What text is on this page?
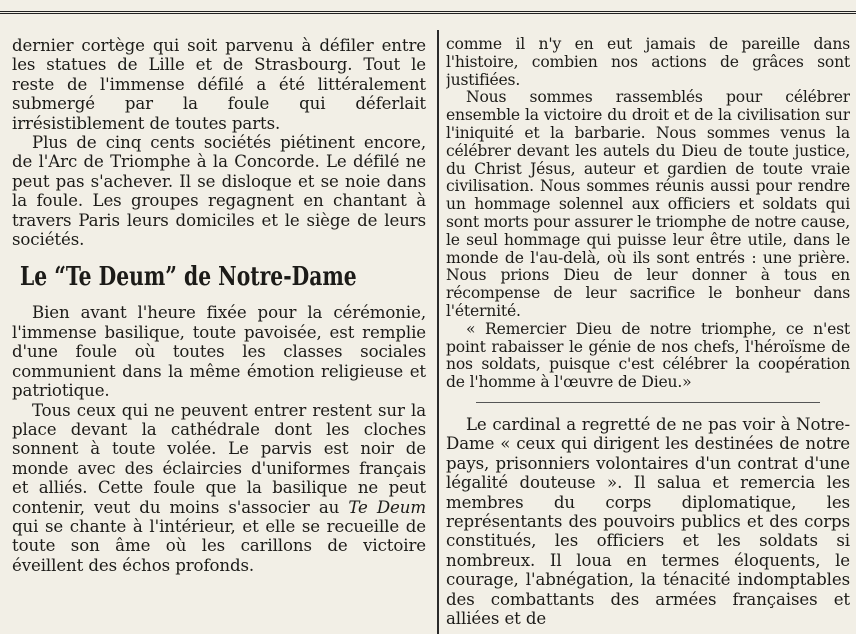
dernier cortège qui soit parvenu à défiler entre les statues de Lille et de Strasbourg. Tout le reste de l'immense défilé a été littéralement submergé par la foule qui déferlait irrésistiblement de toutes parts.

Plus de cinq cents sociétés piétinent encore, de l'Arc de Triomphe à la Concorde. Le défilé ne peut pas s'achever. Il se disloque et se noie dans la foule. Les groupes regagnent en chantant à travers Paris leurs domiciles et le siège de leurs sociétés.

Le “Te Deum” de Notre-Dame

Bien avant l'heure fixée pour la cérémonie, l'immense basilique, toute pavoisée, est remplie d'une foule où toutes les classes sociales communient dans la même émotion religieuse et patriotique.

Tous ceux qui ne peuvent entrer restent sur la place devant la cathédrale dont les cloches sonnent à toute volée. Le parvis est noir de monde avec des éclaircies d'uniformes français et alliés. Cette foule que la basilique ne peut contenir, veut du moins s'associer au Te Deum qui se chante à l'intérieur, et elle se recueille de toute son âme où les carillons de victoire éveillent des échos profonds.

comme il n'y en eut jamais de pareille dans l'histoire, combien nos actions de grâces sont justifiées.

Nous sommes rassemblés pour célébrer ensemble la victoire du droit et de la civilisation sur l'iniquité et la barbarie. Nous sommes venus la célébrer devant les autels du Dieu de toute justice, du Christ Jésus, auteur et gardien de toute vraie civilisation. Nous sommes réunis aussi pour rendre un hommage solennel aux officiers et soldats qui sont morts pour assurer le triomphe de notre cause, le seul hommage qui puisse leur être utile, dans le monde de l'au-delà, où ils sont entrés : une prière. Nous prions Dieu de leur donner à tous en récompense de leur sacrifice le bonheur dans l'éternité.

« Remercier Dieu de notre triomphe, ce n'est point rabaisser le génie de nos chefs, l'héroïsme de nos soldats, puisque c'est célébrer la coopération de l'homme à l'œuvre de Dieu.»

Le cardinal a regretté de ne pas voir à Notre-Dame « ceux qui dirigent les destinées de notre pays, prisonniers volontaires d'un contrat d'une légalité douteuse ». Il salua et remercia les membres du corps diplomatique, les représentants des pouvoirs publics et des corps constitués, les officiers et les soldats si nombreux. Il loua en termes éloquents, le courage, l'abnégation, la ténacité indomptables des combattants des armées françaises et alliées et de
